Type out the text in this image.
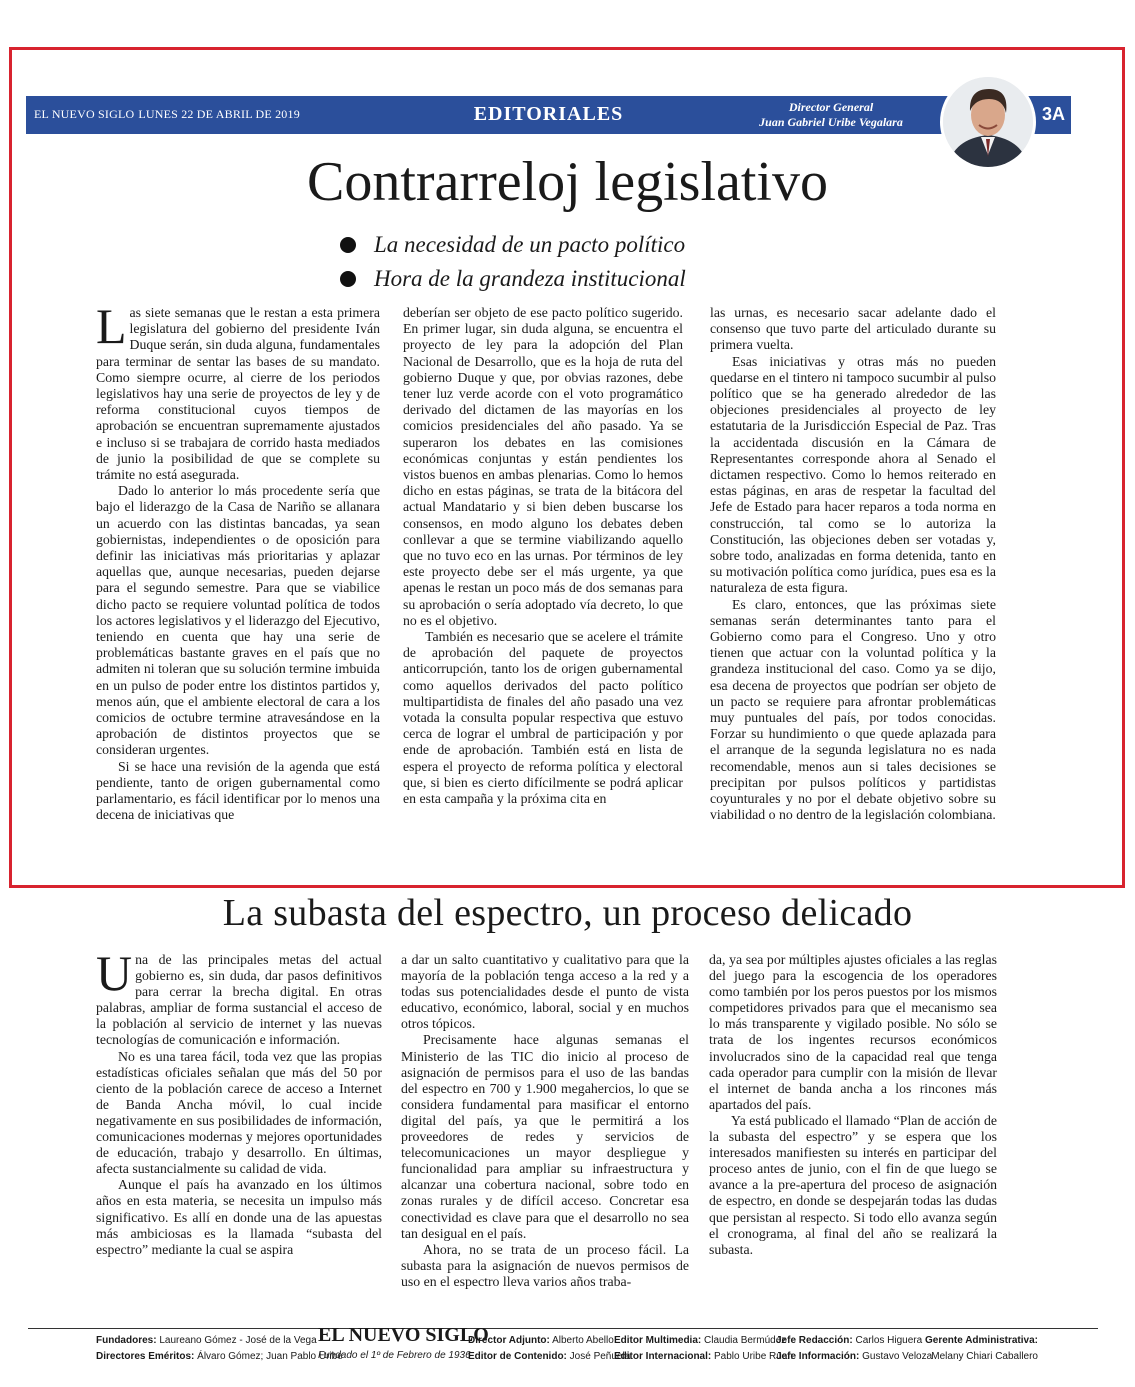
EL NUEVO SIGLO LUNES 22 DE ABRIL DE 2019	EDITORIALES	Director General
Juan Gabriel Uribe Vegalara	3A
Contrarreloj legislativo
La necesidad de un pacto político
Hora de la grandeza institucional

Las siete semanas que le restan a esta primera legislatura del gobierno del presidente Iván Duque serán, sin duda alguna, fundamentales para terminar de sentar las bases de su mandato. Como siempre ocurre, al cierre de los periodos legislativos hay una serie de proyectos de ley y de reforma constitucional cuyos tiempos de aprobación se encuentran supremamente ajustados e incluso si se trabajara de corrido hasta mediados de junio la posibilidad de que se complete su trámite no está asegurada.

Dado lo anterior lo más procedente sería que bajo el liderazgo de la Casa de Nariño se allanara un acuerdo con las distintas bancadas, ya sean gobiernistas, independientes o de oposición para definir las iniciativas más prioritarias y aplazar aquellas que, aunque necesarias, pueden dejarse para el segundo semestre. Para que se viabilice dicho pacto se requiere voluntad política de todos los actores legislativos y el liderazgo del Ejecutivo, teniendo en cuenta que hay una serie de problemáticas bastante graves en el país que no admiten ni toleran que su solución termine imbuida en un pulso de poder entre los distintos partidos y, menos aún, que el ambiente electoral de cara a los comicios de octubre termine atravesándose en la aprobación de distintos proyectos que se consideran urgentes.

Si se hace una revisión de la agenda que está pendiente, tanto de origen gubernamental como parlamentario, es fácil identificar por lo menos una decena de iniciativas que

deberían ser objeto de ese pacto político sugerido. En primer lugar, sin duda alguna, se encuentra el proyecto de ley para la adopción del Plan Nacional de Desarrollo, que es la hoja de ruta del gobierno Duque y que, por obvias razones, debe tener luz verde acorde con el voto programático derivado del dictamen de las mayorías en los comicios presidenciales del año pasado. Ya se superaron los debates en las comisiones económicas conjuntas y están pendientes los vistos buenos en ambas plenarias. Como lo hemos dicho en estas páginas, se trata de la bitácora del actual Mandatario y si bien deben buscarse los consensos, en modo alguno los debates deben conllevar a que se termine viabilizando aquello que no tuvo eco en las urnas. Por términos de ley este proyecto debe ser el más urgente, ya que apenas le restan un poco más de dos semanas para su aprobación o sería adoptado vía decreto, lo que no es el objetivo.

También es necesario que se acelere el trámite de aprobación del paquete de proyectos anticorrupción, tanto los de origen gubernamental como aquellos derivados del pacto político multipartidista de finales del año pasado una vez votada la consulta popular respectiva que estuvo cerca de lograr el umbral de participación y por ende de aprobación. También está en lista de espera el proyecto de reforma política y electoral que, si bien es cierto difícilmente se podrá aplicar en esta campaña y la próxima cita en

las urnas, es necesario sacar adelante dado el consenso que tuvo parte del articulado durante su primera vuelta.

Esas iniciativas y otras más no pueden quedarse en el tintero ni tampoco sucumbir al pulso político que se ha generado alrededor de las objeciones presidenciales al proyecto de ley estatutaria de la Jurisdicción Especial de Paz. Tras la accidentada discusión en la Cámara de Representantes corresponde ahora al Senado el dictamen respectivo. Como lo hemos reiterado en estas páginas, en aras de respetar la facultad del Jefe de Estado para hacer reparos a toda norma en construcción, tal como se lo autoriza la Constitución, las objeciones deben ser votadas y, sobre todo, analizadas en forma detenida, tanto en su motivación política como jurídica, pues esa es la naturaleza de esta figura.

Es claro, entonces, que las próximas siete semanas serán determinantes tanto para el Gobierno como para el Congreso. Uno y otro tienen que actuar con la voluntad política y la grandeza institucional del caso. Como ya se dijo, esa decena de proyectos que podrían ser objeto de un pacto se requiere para afrontar problemáticas muy puntuales del país, por todos conocidas. Forzar su hundimiento o que quede aplazada para el arranque de la segunda legislatura no es nada recomendable, menos aun si tales decisiones se precipitan por pulsos políticos y partidistas coyunturales y no por el debate objetivo sobre su viabilidad o no dentro de la legislación colombiana.

La subasta del espectro, un proceso delicado

Una de las principales metas del actual gobierno es, sin duda, dar pasos definitivos para cerrar la brecha digital. En otras palabras, ampliar de forma sustancial el acceso de la población al servicio de internet y las nuevas tecnologías de comunicación e información.

No es una tarea fácil, toda vez que las propias estadísticas oficiales señalan que más del 50 por ciento de la población carece de acceso a Internet de Banda Ancha móvil, lo cual incide negativamente en sus posibilidades de información, comunicaciones modernas y mejores oportunidades de educación, trabajo y desarrollo. En últimas, afecta sustancialmente su calidad de vida.

Aunque el país ha avanzado en los últimos años en esta materia, se necesita un impulso más significativo. Es allí en donde una de las apuestas más ambiciosas es la llamada “subasta del espectro” mediante la cual se aspira

a dar un salto cuantitativo y cualitativo para que la mayoría de la población tenga acceso a la red y a todas sus potencialidades desde el punto de vista educativo, económico, laboral, social y en muchos otros tópicos.

Precisamente hace algunas semanas el Ministerio de las TIC dio inicio al proceso de asignación de permisos para el uso de las bandas del espectro en 700 y 1.900 megahercios, lo que se considera fundamental para masificar el entorno digital del país, ya que le permitirá a los proveedores de redes y servicios de telecomunicaciones un mayor despliegue y funcionalidad para ampliar su infraestructura y alcanzar una cobertura nacional, sobre todo en zonas rurales y de difícil acceso. Concretar esa conectividad es clave para que el desarrollo no sea tan desigual en el país.

Ahora, no se trata de un proceso fácil. La subasta para la asignación de nuevos permisos de uso en el espectro lleva varios años traba-

da, ya sea por múltiples ajustes oficiales a las reglas del juego para la escogencia de los operadores como también por los peros puestos por los mismos competidores privados para que el mecanismo sea lo más transparente y vigilado posible. No sólo se trata de los ingentes recursos económicos involucrados sino de la capacidad real que tenga cada operador para cumplir con la misión de llevar el internet de banda ancha a los rincones más apartados del país.

Ya está publicado el llamado “Plan de acción de la subasta del espectro” y se espera que los interesados manifiesten su interés en participar del proceso antes de junio, con el fin de que luego se avance a la pre-apertura del proceso de asignación de espectro, en donde se despejarán todas las dudas que persistan al respecto. Si todo ello avanza según el cronograma, al final del año se realizará la subasta.

Fundadores: Laureano Gómez - José de la Vega
Directores Eméritos: Álvaro Gómez; Juan Pablo Uribe
EL NUEVO SIGLO
Fundado el 1º de Febrero de 1936
Director Adjunto: Alberto Abello
Editor de Contenido: José Peñuela
Editor Multimedia: Claudia Bermúdez
Editor Internacional: Pablo Uribe Ruan
Jefe Redacción: Carlos Higuera
Jefe Información: Gustavo Veloza
Gerente Administrativa:
Melany Chiari Caballero
